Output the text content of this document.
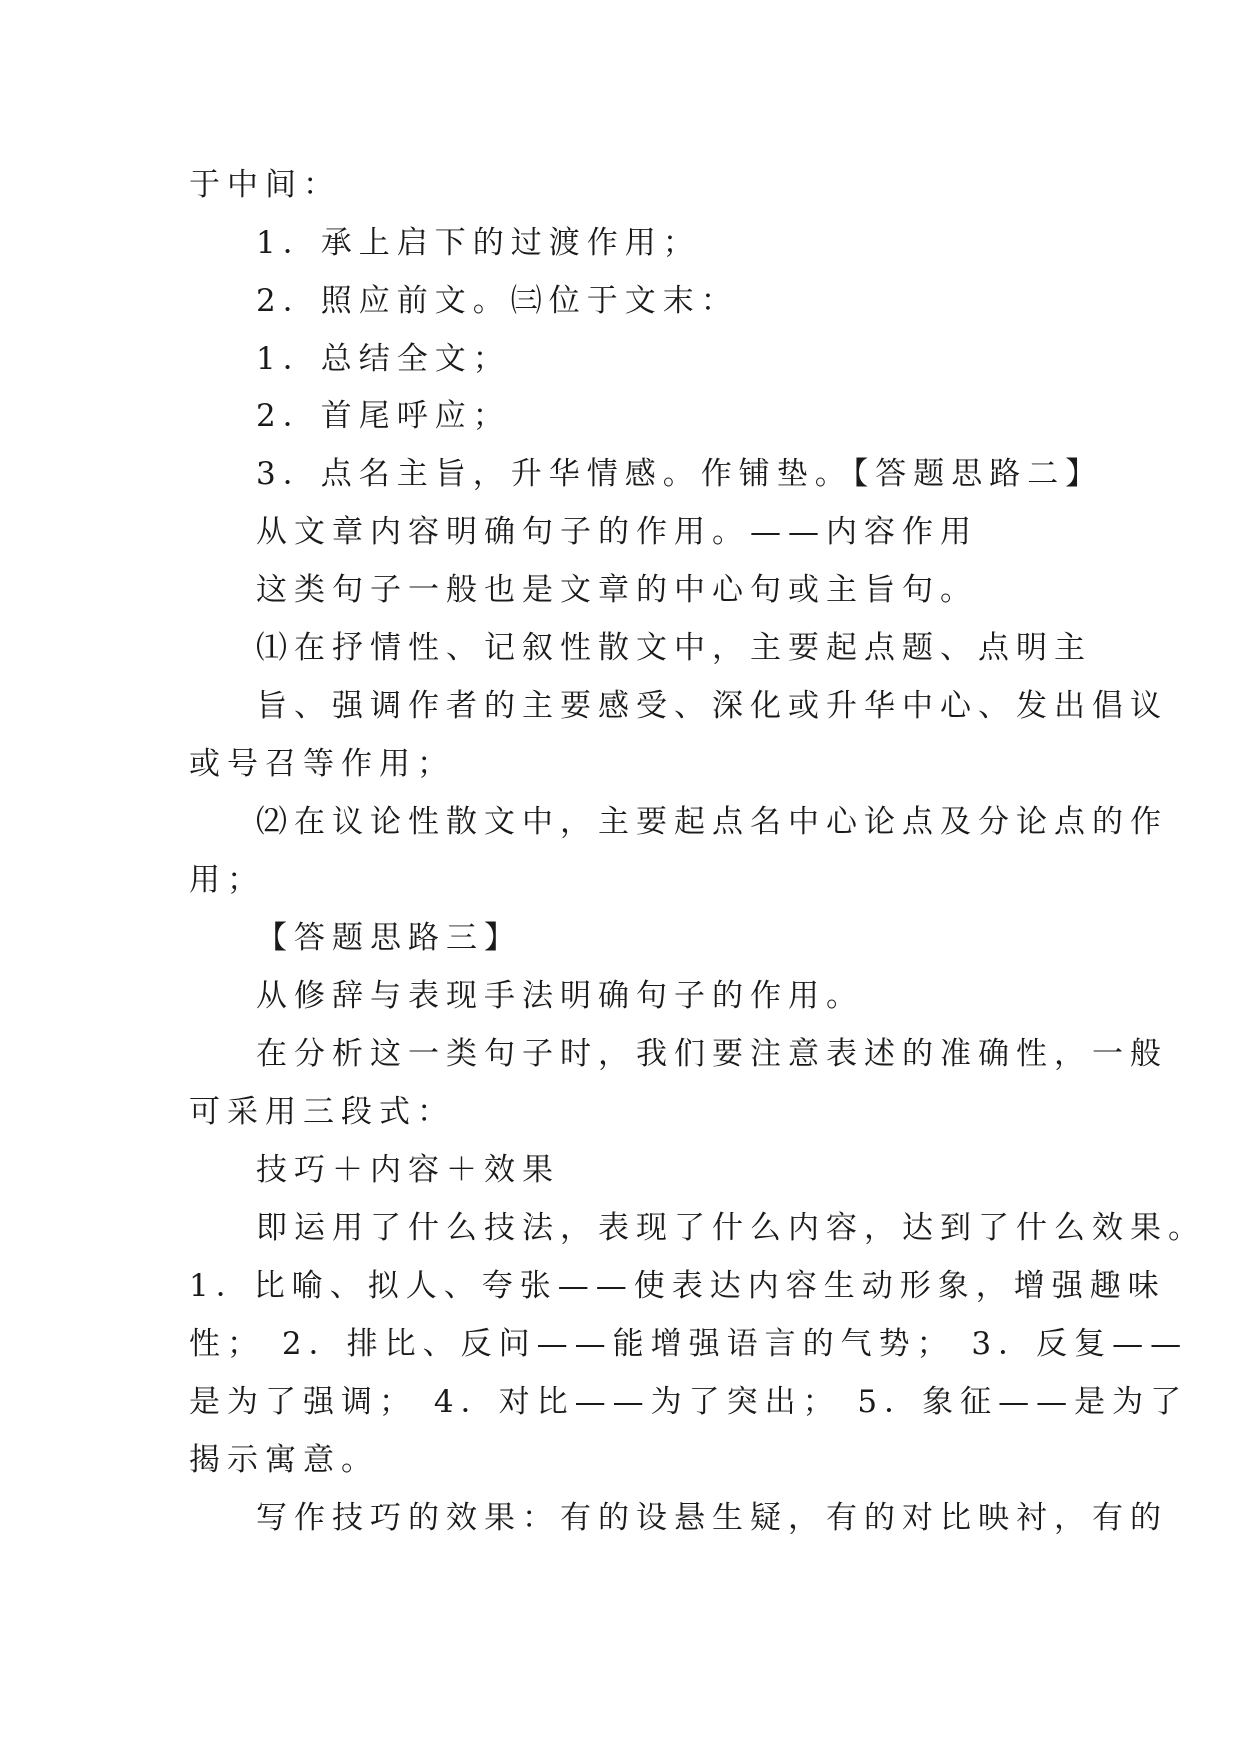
于中间：

1．承上启下的过渡作用；

2．照应前文。㈢位于文末：

1．总结全文；

2．首尾呼应；

3．点名主旨，升华情感。作铺垫。【答题思路二】

从文章内容明确句子的作用。——内容作用

这类句子一般也是文章的中心句或主旨句。

⑴在抒情性、记叙性散文中，主要起点题、点明主

旨、强调作者的主要感受、深化或升华中心、发出倡议

或号召等作用；

⑵在议论性散文中，主要起点名中心论点及分论点的作

用；

【答题思路三】

从修辞与表现手法明确句子的作用。

在分析这一类句子时，我们要注意表述的准确性，一般

可采用三段式：

技巧＋内容＋效果

即运用了什么技法，表现了什么内容，达到了什么效果。

1．比喻、拟人、夸张——使表达内容生动形象，增强趣味

性； 2．排比、反问——能增强语言的气势； 3．反复——

是为了强调； 4．对比——为了突出； 5．象征——是为了

揭示寓意。

写作技巧的效果：有的设悬生疑，有的对比映衬，有的
